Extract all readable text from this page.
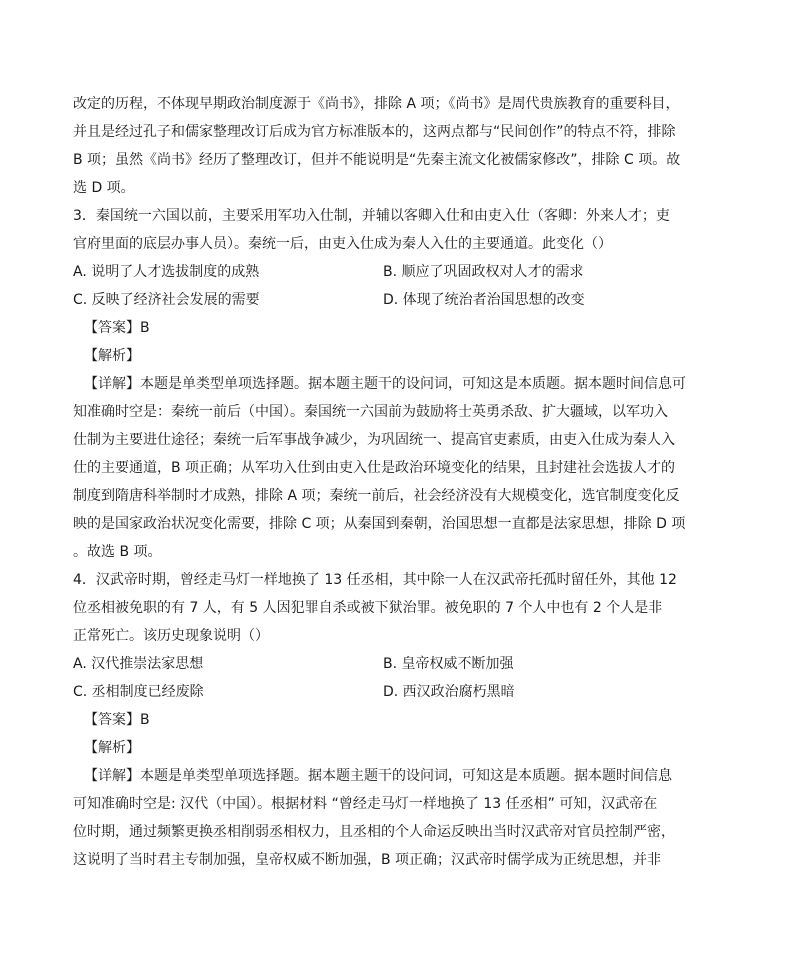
改定的历程，不体现早期政治制度源于《尚书》，排除 A 项；《尚书》是周代贵族教育的重要科目，
并且是经过孔子和儒家整理改订后成为官方标准版本的，这两点都与“民间创作”的特点不符，排除
B 项；虽然《尚书》经历了整理改订，但并不能说明是“先秦主流文化被儒家修改”，排除 C 项。故
选 D 项。
3．秦国统一六国以前，主要采用军功入仕制，并辅以客卿入仕和由吏入仕（客卿：外来人才；吏
官府里面的底层办事人员）。秦统一后，由吏入仕成为秦人入仕的主要通道。此变化（）
A. 说明了人才选拔制度的成熟	B. 顺应了巩固政权对人才的需求
C. 反映了经济社会发展的需要	D. 体现了统治者治国思想的改变
【答案】B
【解析】
【详解】本题是单类型单项选择题。据本题主题干的设问词，可知这是本质题。据本题时间信息可
知准确时空是：秦统一前后（中国）。秦国统一六国前为鼓励将士英勇杀敌、扩大疆域，以军功入
仕制为主要进仕途径；秦统一后军事战争减少，为巩固统一、提高官吏素质，由吏入仕成为秦人入
仕的主要通道，B 项正确；从军功入仕到由吏入仕是政治环境变化的结果，且封建社会选拔人才的
制度到隋唐科举制时才成熟，排除 A 项；秦统一前后，社会经济没有大规模变化，选官制度变化反
映的是国家政治状况变化需要，排除 C 项；从秦国到秦朝，治国思想一直都是法家思想，排除 D 项
。故选 B 项。
4．汉武帝时期，曾经走马灯一样地换了 13 任丞相，其中除一人在汉武帝托孤时留任外，其他 12
位丞相被免职的有 7 人，有 5 人因犯罪自杀或被下狱治罪。被免职的 7 个人中也有 2 个人是非
正常死亡。该历史现象说明（）
A. 汉代推崇法家思想	B. 皇帝权威不断加强
C. 丞相制度已经废除	D. 西汉政治腐朽黑暗
【答案】B
【解析】
【详解】本题是单类型单项选择题。据本题主题干的设问词，可知这是本质题。据本题时间信息
可知准确时空是: 汉代（中国）。根据材料 “曾经走马灯一样地换了 13 任丞相” 可知，汉武帝在
位时期，通过频繁更换丞相削弱丞相权力，且丞相的个人命运反映出当时汉武帝对官员控制严密，
这说明了当时君主专制加强，皇帝权威不断加强，B 项正确；汉武帝时儒学成为正统思想，并非
